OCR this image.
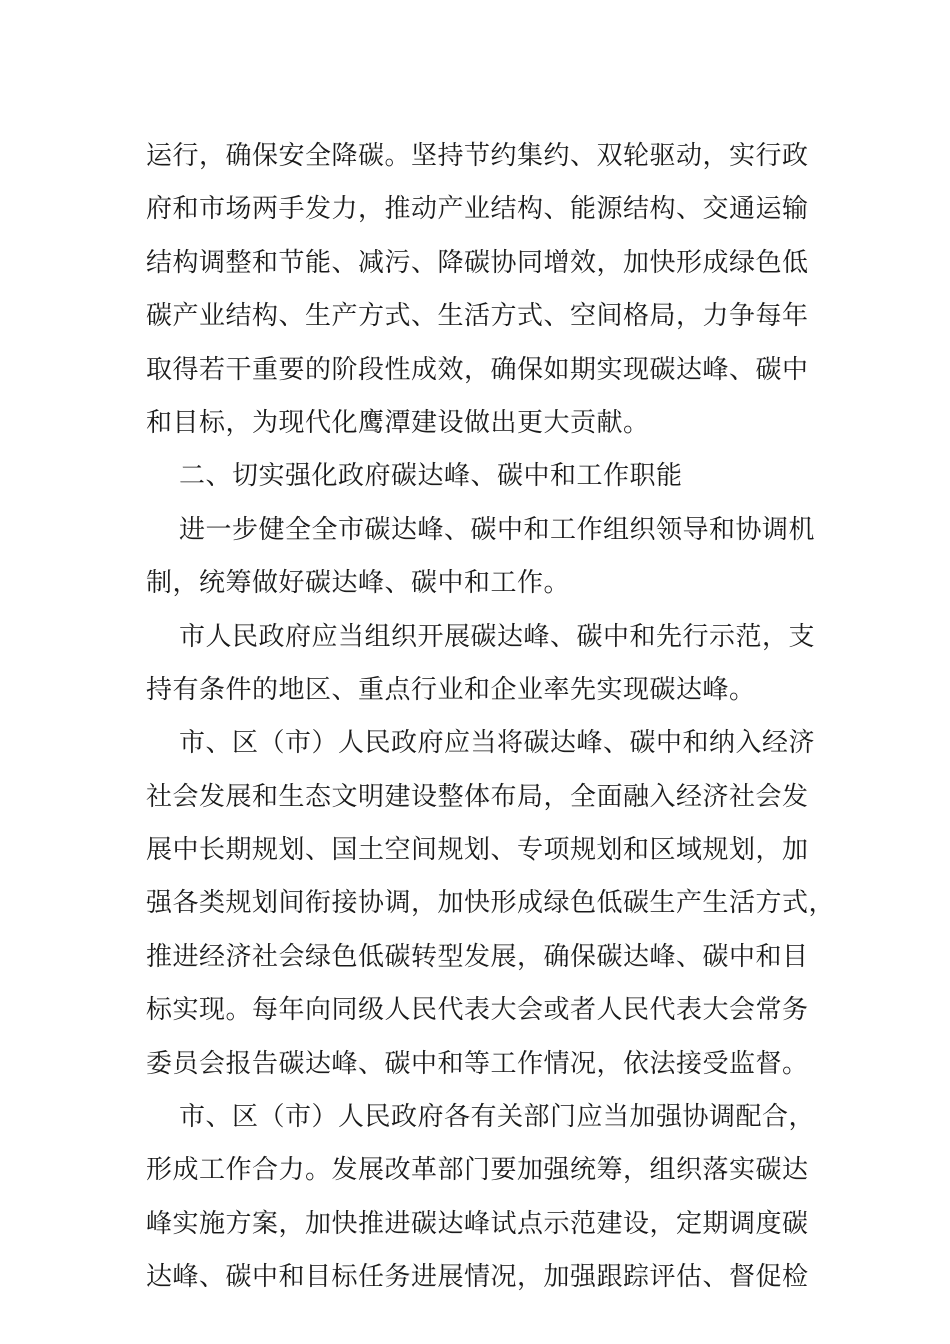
运行，确保安全降碳。坚持节约集约、双轮驱动，实行政
府和市场两手发力，推动产业结构、能源结构、交通运输
结构调整和节能、减污、降碳协同增效，加快形成绿色低
碳产业结构、生产方式、生活方式、空间格局，力争每年
取得若干重要的阶段性成效，确保如期实现碳达峰、碳中
和目标，为现代化鹰潭建设做出更大贡献。
二、切实强化政府碳达峰、碳中和工作职能
进一步健全全市碳达峰、碳中和工作组织领导和协调机
制，统筹做好碳达峰、碳中和工作。
市人民政府应当组织开展碳达峰、碳中和先行示范，支
持有条件的地区、重点行业和企业率先实现碳达峰。
市、区（市）人民政府应当将碳达峰、碳中和纳入经济
社会发展和生态文明建设整体布局，全面融入经济社会发
展中长期规划、国土空间规划、专项规划和区域规划，加
强各类规划间衔接协调，加快形成绿色低碳生产生活方式，
推进经济社会绿色低碳转型发展，确保碳达峰、碳中和目
标实现。每年向同级人民代表大会或者人民代表大会常务
委员会报告碳达峰、碳中和等工作情况，依法接受监督。
市、区（市）人民政府各有关部门应当加强协调配合，
形成工作合力。发展改革部门要加强统筹，组织落实碳达
峰实施方案，加快推进碳达峰试点示范建设，定期调度碳
达峰、碳中和目标任务进展情况，加强跟踪评估、督促检
